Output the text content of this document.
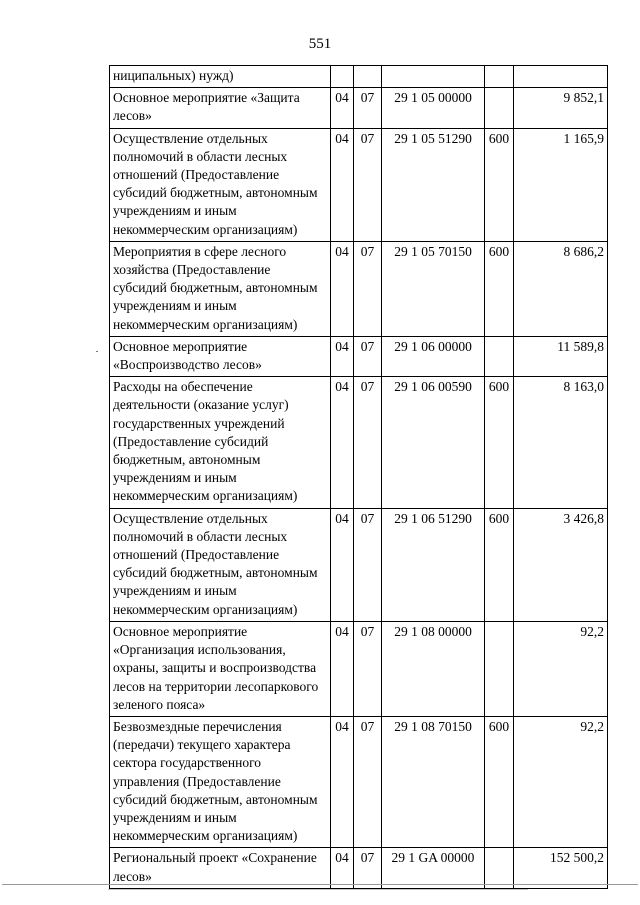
551
ниципальных) нужд)					
Основное мероприятие «Защита лесов»	04	07	29 1 05 00000		9 852,1
Осуществление отдельных полномочий в области лесных отношений (Предоставление субсидий бюджетным, автономным учреждениям и иным некоммерческим организациям)	04	07	29 1 05 51290	600	1 165,9
Мероприятия в сфере лесного хозяйства (Предоставление субсидий бюджетным, автономным учреждениям и иным некоммерческим организациям)	04	07	29 1 05 70150	600	8 686,2
Основное мероприятие «Воспроизводство лесов»	04	07	29 1 06 00000		11 589,8
Расходы на обеспечение деятельности (оказание услуг) государственных учреждений (Предоставление субсидий бюджетным, автономным учреждениям и иным некоммерческим организациям)	04	07	29 1 06 00590	600	8 163,0
Осуществление отдельных полномочий в области лесных отношений (Предоставление субсидий бюджетным, автономным учреждениям и иным некоммерческим организациям)	04	07	29 1 06 51290	600	3 426,8
Основное мероприятие «Организация использования, охраны, защиты и воспроизводства лесов на территории лесопаркового зеленого пояса»	04	07	29 1 08 00000		92,2
Безвозмездные перечисления (передачи) текущего характера сектора государственного управления (Предоставление субсидий бюджетным, автономным учреждениям и иным некоммерческим организациям)	04	07	29 1 08 70150	600	92,2
Региональный проект «Сохранение лесов»	04	07	29 1 GA 00000		152 500,2
